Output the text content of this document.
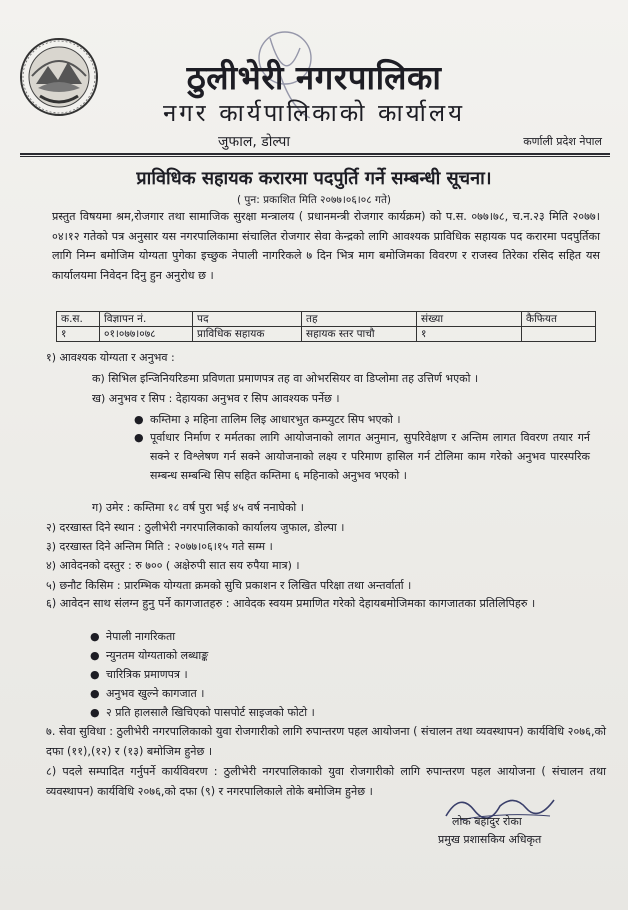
ठुलीभेरी नगरपालिका
नगर कार्यपालिकाको कार्यालय
जुफाल, डोल्पा	कर्णाली प्रदेश नेपाल
प्राविधिक सहायक करारमा पदपुर्ति गर्ने सम्बन्धी सूचना।
( पुन: प्रकाशित मिति २०७७।०६।०८ गते)
प्रस्तुत विषयमा श्रम,रोजगार तथा सामाजिक सुरक्षा मन्त्रालय ( प्रधानमन्त्री रोजगार कार्यक्रम) को प.स. ०७७।७८, च.न.२३ मिति २०७७।०४।१२ गतेको पत्र अनुसार यस नगरपालिकामा संचालित रोजगार सेवा केन्द्रको लागि आवश्यक प्राविधिक सहायक पद करारमा पदपुर्तिका लागि निम्न बमोजिम योग्यता पुगेका इच्छुक नेपाली नागरिकले ७ दिन भित्र माग बमोजिमका विवरण र राजस्व तिरेका रसिद सहित यस कार्यालयमा निवेदन दिनु हुन अनुरोध छ ।
क.स.	विज्ञापन नं.	पद	तह	संख्या	कैफियत
१	०१।०७७।०७८	प्राविधिक सहायक	सहायक स्तर पाचौ	१	
१) आवश्यक योग्यता र अनुभव :
क) सिभिल इन्जिनियरिङमा प्रविणता प्रमाणपत्र तह वा ओभरसियर वा डिप्लोमा तह उत्तिर्ण भएको ।
ख) अनुभव र सिप : देहायका अनुभव र सिप आवश्यक पर्नेछ ।
● कम्तिमा ३ महिना तालिम लिइ आधारभुत कम्प्युटर सिप भएको ।
● पूर्वाधार निर्माण र मर्मतका लागि आयोजनाको लागत अनुमान, सुपरिवेक्षण र अन्तिम लागत विवरण तयार गर्न सक्ने र विश्लेषण गर्न सक्ने आयोजनाको लक्ष्य र परिमाण हासिल गर्न टोलिमा काम गरेको अनुभव पारस्परिक सम्बन्ध सम्बन्धि सिप सहित कम्तिमा ६ महिनाको अनुभव भएको ।
ग) उमेर : कम्तिमा १८ वर्ष पुरा भई ४५ वर्ष ननाघेको ।
२) दरखास्त दिने स्थान : ठुलीभेरी नगरपालिकाको कार्यालय जुफाल, डोल्पा ।
३) दरखास्त दिने अन्तिम मिति : २०७७।०६।१५ गते सम्म ।
४) आवेदनको दस्तुर : रु ७०० ( अक्षेरुपी सात सय रुपैया मात्र) ।
५) छनौट किसिम : प्रारम्भिक योग्यता क्रमको सुचि प्रकाशन र लिखित परिक्षा तथा अन्तर्वार्ता ।
६) आवेदन साथ संलग्न हुनु पर्ने कागजातहरु : आवेदक स्वयम प्रमाणित गरेको देहायबमोजिमका कागजातका प्रतिलिपिहरु ।
● नेपाली नागरिकता
● न्युनतम योग्यताको लब्धाङ्क
● चारित्रिक प्रमाणपत्र ।
● अनुभव खुल्ने कागजात ।
● २ प्रति हालसालै खिचिएको पासपोर्ट साइजको फोटो ।
७. सेवा सुविधा : ठुलीभेरी नगरपालिकाको युवा रोजगारीको लागि रुपान्तरण पहल आयोजना ( संचालन तथा व्यवस्थापन) कार्यविधि २०७६,को दफा (११),(१२) र (१३) बमोजिम हुनेछ ।
८) पदले सम्पादित गर्नुपर्ने कार्यविवरण : ठुलीभेरी नगरपालिकाको युवा रोजगारीको लागि रुपान्तरण पहल आयोजना ( संचालन तथा व्यवस्थापन) कार्यविधि २०७६,को दफा (९) र नगरपालिकाले तोके बमोजिम हुनेछ ।
लोक बहादुर रोका
प्रमुख प्रशासकिय अधिकृत
